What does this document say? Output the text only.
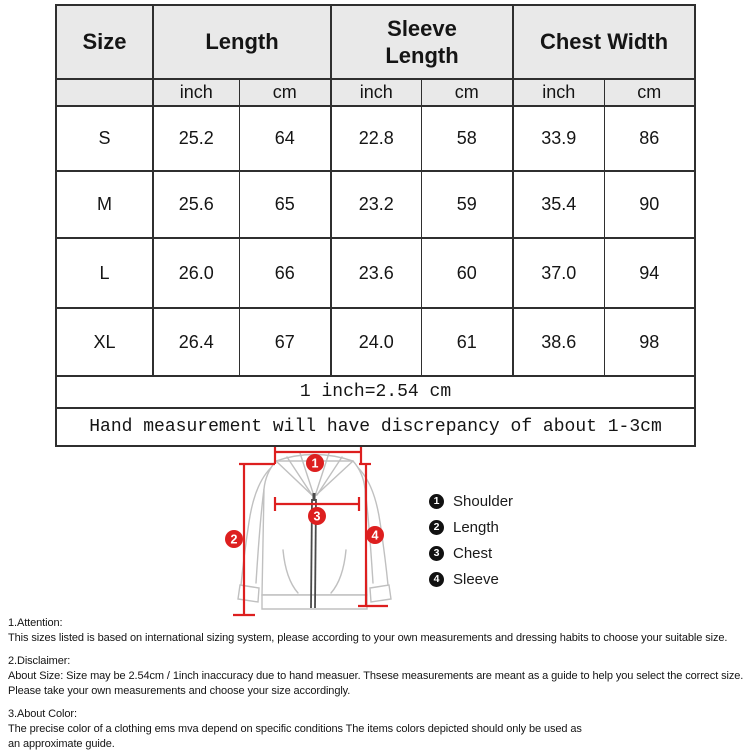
Size	Length		Sleeve Length		Chest Width	
	inch	cm	inch	cm	inch	cm
S	25.2	64	22.8	58	33.9	86
M	25.6	65	23.2	59	35.4	90
L	26.0	66	23.6	60	37.0	94
XL	26.4	67	24.0	61	38.6	98
1 inch=2.54 cm						
Hand measurement will have discrepancy of about 1-3cm						
1
2
3
4
1 Shoulder
2 Length
3 Chest
4 Sleeve
1.Attention:
This sizes listed is based on international sizing system, please according to your own measurements and dressing habits to choose your suitable size.
2.Disclaimer:
About Size: Size may be 2.54cm / 1inch inaccuracy due to hand measuer. Thsese measurements are meant as a guide to help you select the correct size.
Please take your own measurements and choose your size accordingly.
3.About Color:
The precise color of a clothing ems mva depend on specific conditions The items colors depicted should only be used as
an approximate guide.
